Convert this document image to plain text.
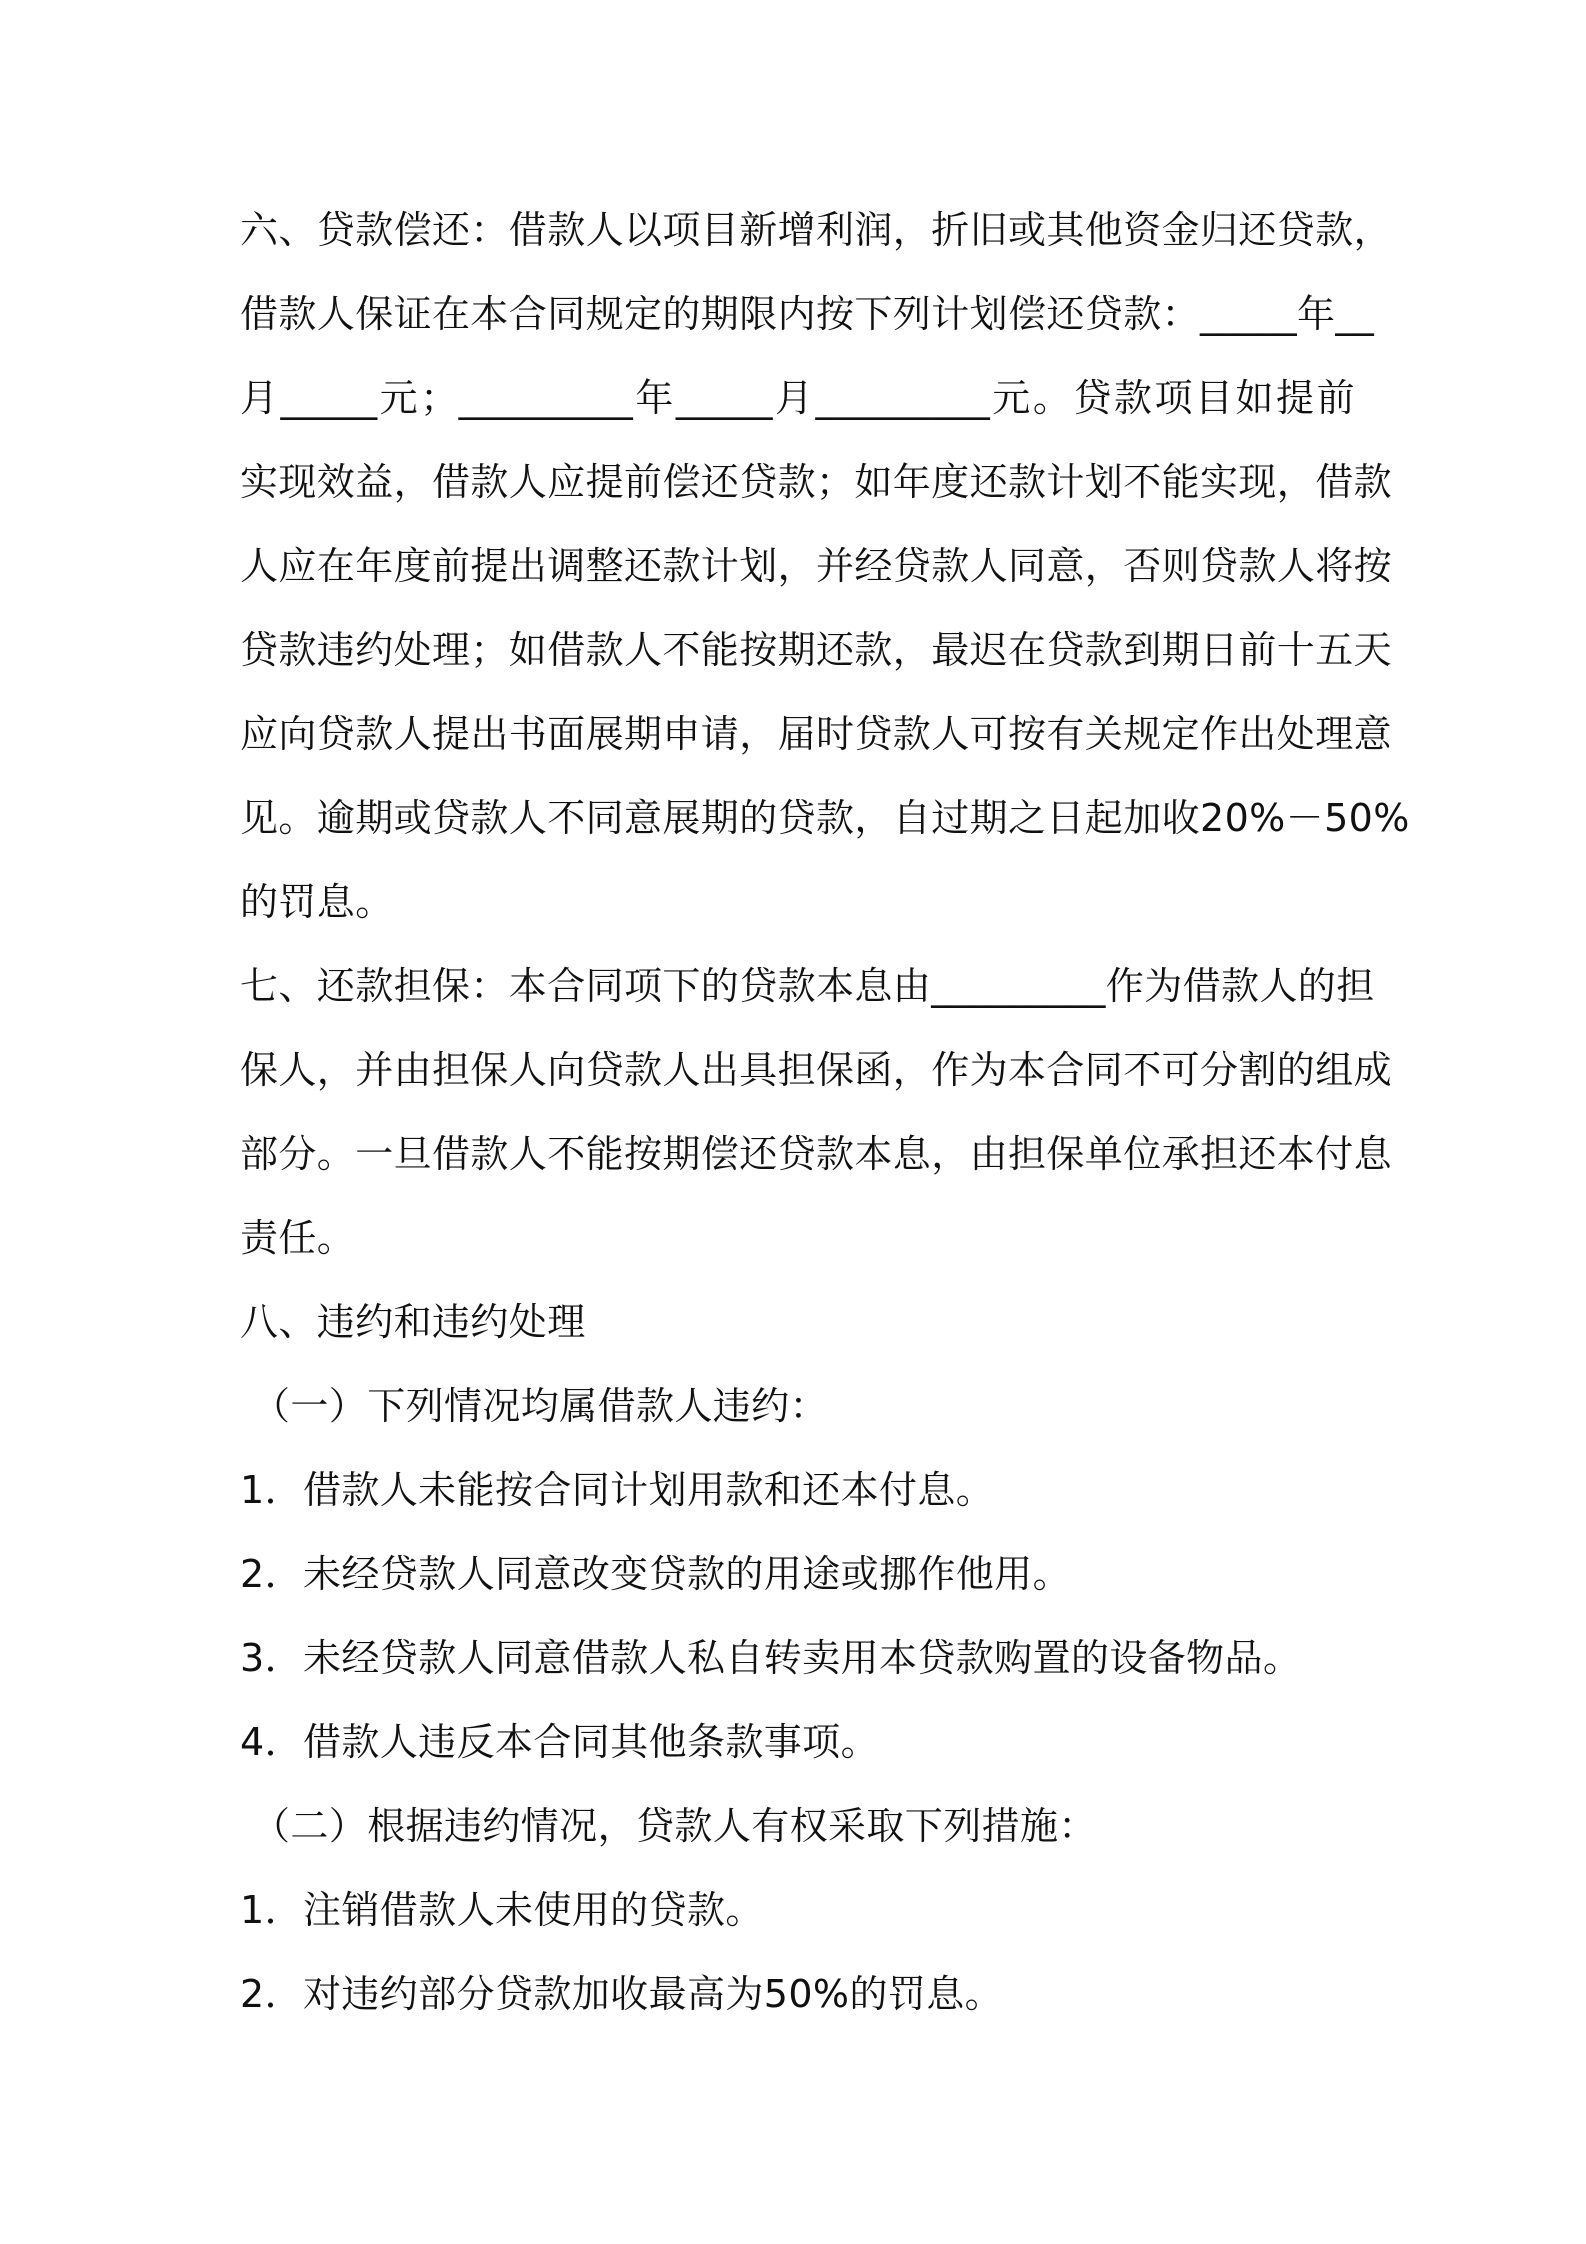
六、贷款偿还：借款人以项目新增利润，折旧或其他资金归还贷款，
借款人保证在本合同规定的期限内按下列计划偿还贷款：_____年__
月_____元；_________年_____月_________元。贷款项目如提前
实现效益，借款人应提前偿还贷款；如年度还款计划不能实现，借款
人应在年度前提出调整还款计划，并经贷款人同意，否则贷款人将按
贷款违约处理；如借款人不能按期还款，最迟在贷款到期日前十五天
应向贷款人提出书面展期申请，届时贷款人可按有关规定作出处理意
见。逾期或贷款人不同意展期的贷款，自过期之日起加收20%－50%
的罚息。
七、还款担保：本合同项下的贷款本息由_________作为借款人的担
保人，并由担保人向贷款人出具担保函，作为本合同不可分割的组成
部分。一旦借款人不能按期偿还贷款本息，由担保单位承担还本付息
责任。
八、违约和违约处理
（一）下列情况均属借款人违约：
1．借款人未能按合同计划用款和还本付息。
2．未经贷款人同意改变贷款的用途或挪作他用。
3．未经贷款人同意借款人私自转卖用本贷款购置的设备物品。
4．借款人违反本合同其他条款事项。
（二）根据违约情况，贷款人有权采取下列措施：
1．注销借款人未使用的贷款。
2．对违约部分贷款加收最高为50%的罚息。
